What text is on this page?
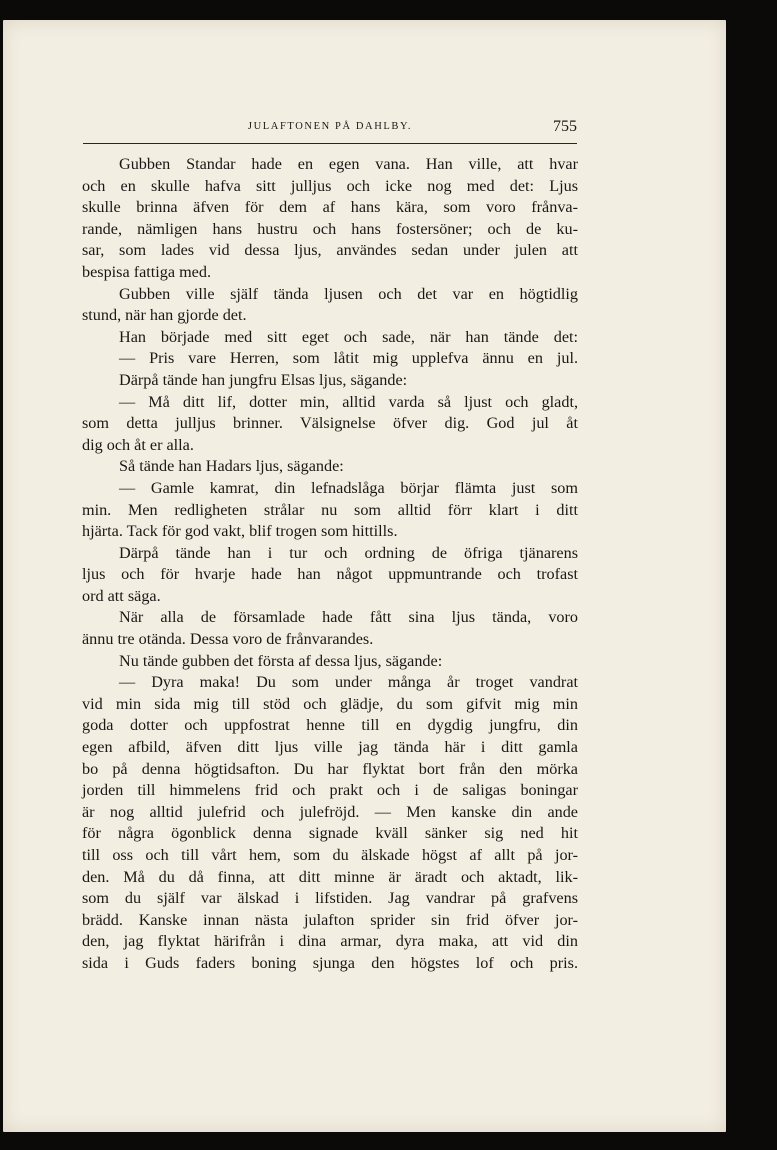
JULAFTONEN PÅ DAHLBY.	755
Gubben Standar hade en egen vana. Han ville, att hvar
och en skulle hafva sitt julljus och icke nog med det: Ljus
skulle brinna äfven för dem af hans kära, som voro frånva-
rande, nämligen hans hustru och hans fostersöner; och de ku-
sar, som lades vid dessa ljus, användes sedan under julen att
bespisa fattiga med.
Gubben ville själf tända ljusen och det var en högtidlig
stund, när han gjorde det.
Han började med sitt eget och sade, när han tände det:
— Pris vare Herren, som låtit mig upplefva ännu en jul.
Därpå tände han jungfru Elsas ljus, sägande:
— Må ditt lif, dotter min, alltid varda så ljust och gladt,
som detta julljus brinner. Välsignelse öfver dig. God jul åt
dig och åt er alla.
Så tände han Hadars ljus, sägande:
— Gamle kamrat, din lefnadslåga börjar flämta just som
min. Men redligheten strålar nu som alltid förr klart i ditt
hjärta. Tack för god vakt, blif trogen som hittills.
Därpå tände han i tur och ordning de öfriga tjänarens
ljus och för hvarje hade han något uppmuntrande och trofast
ord att säga.
När alla de församlade hade fått sina ljus tända, voro
ännu tre otända. Dessa voro de frånvarandes.
Nu tände gubben det första af dessa ljus, sägande:
— Dyra maka! Du som under många år troget vandrat
vid min sida mig till stöd och glädje, du som gifvit mig min
goda dotter och uppfostrat henne till en dygdig jungfru, din
egen afbild, äfven ditt ljus ville jag tända här i ditt gamla
bo på denna högtidsafton. Du har flyktat bort från den mörka
jorden till himmelens frid och prakt och i de saligas boningar
är nog alltid julefrid och julefröjd. — Men kanske din ande
för några ögonblick denna signade kväll sänker sig ned hit
till oss och till vårt hem, som du älskade högst af allt på jor-
den. Må du då finna, att ditt minne är äradt och aktadt, lik-
som du själf var älskad i lifstiden. Jag vandrar på grafvens
brädd. Kanske innan nästa julafton sprider sin frid öfver jor-
den, jag flyktat härifrån i dina armar, dyra maka, att vid din
sida i Guds faders boning sjunga den högstes lof och pris.
